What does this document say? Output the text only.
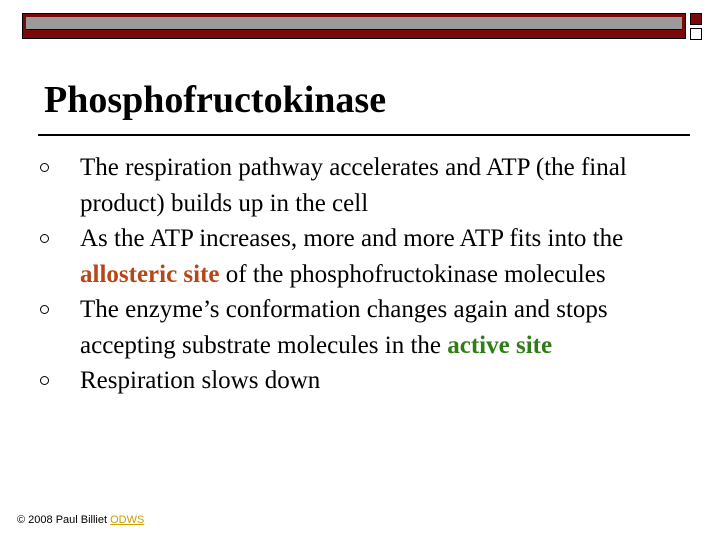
Phosphofructokinase
The respiration pathway accelerates and ATP (the final product) builds up in the cell
As the ATP increases, more and more ATP fits into the allosteric site of the phosphofructokinase molecules
The enzyme’s conformation changes again and stops accepting substrate molecules in the active site
Respiration slows down
© 2008 Paul Billiet ODWS
